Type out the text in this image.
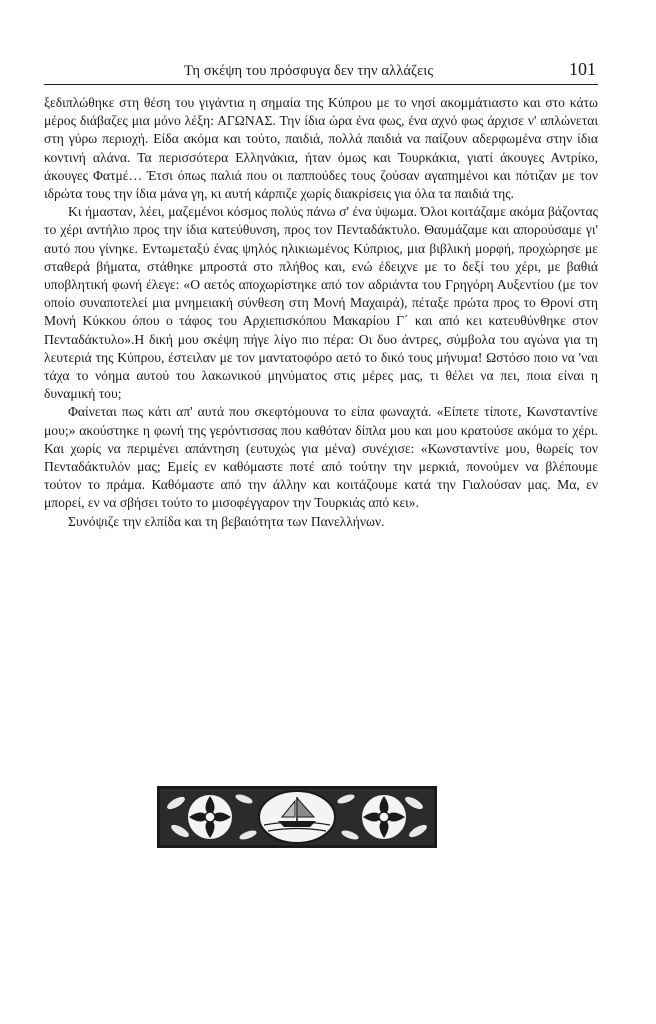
Τη σκέψη του πρόσφυγα δεν την αλλάζεις	101

ξεδιπλώθηκε στη θέση του γιγάντια η σημαία της Κύπρου με το νησί ακομμάτιαστο και στο κάτω μέρος διάβαζες μια μόνο λέξη: ΑΓΩΝΑΣ. Την ίδια ώρα ένα φως, ένα αχνό φως άρχισε ν' απλώνεται στη γύρω περιοχή. Είδα ακόμα και τούτο, παιδιά, πολλά παιδιά να παίζουν αδερφωμένα στην ίδια κοντινή αλάνα. Τα περισσότερα Ελληνάκια, ήταν όμως και Τουρκάκια, γιατί άκουγες Αντρίκο, άκουγες Φατμέ… Έτσι όπως παλιά που οι παππούδες τους ζούσαν αγαπημένοι και πότιζαν με τον ιδρώτα τους την ίδια μάνα γη, κι αυτή κάρπιζε χωρίς διακρίσεις για όλα τα παιδιά της.

Κι ήμασταν, λέει, μαζεμένοι κόσμος πολύς πάνω σ' ένα ύψωμα. Όλοι κοιτάζαμε ακόμα βάζοντας το χέρι αντήλιο προς την ίδια κατεύθυνση, προς τον Πενταδάκτυλο. Θαυμάζαμε και απορούσαμε γι' αυτό που γίνηκε. Εντωμεταξύ ένας ψηλός ηλικιωμένος Κύπριος, μια βιβλική μορφή, προχώρησε με σταθερά βήματα, στάθηκε μπροστά στο πλήθος και, ενώ έδειχνε με το δεξί του χέρι, με βαθιά υποβλητική φωνή έλεγε: «Ο αετός αποχωρίστηκε από τον αδριάντα του Γρηγόρη Αυξεντίου (με τον οποίο συναποτελεί μια μνημειακή σύνθεση στη Μονή Μαχαιρά), πέταξε πρώτα προς το Θρονί στη Μονή Κύκκου όπου ο τάφος του Αρχιεπισκόπου Μακαρίου Γ΄ και από κει κατευθύνθηκε στον Πενταδάκτυλο».Η δική μου σκέψη πήγε λίγο πιο πέρα: Οι δυο άντρες, σύμβολα του αγώνα για τη λευτεριά της Κύπρου, έστειλαν με τον μαντατοφόρο αετό το δικό τους μήνυμα! Ωστόσο ποιο να 'ναι τάχα το νόημα αυτού του λακωνικού μηνύματος στις μέρες μας, τι θέλει να πει, ποια είναι η δυναμική του;

Φαίνεται πως κάτι απ' αυτά που σκεφτόμουνα το είπα φωναχτά. «Είπετε τίποτε, Κωνσταντίνε μου;» ακούστηκε η φωνή της γερόντισσας που καθόταν δίπλα μου και μου κρατούσε ακόμα το χέρι. Και χωρίς να περιμένει απάντηση (ευτυχώς για μένα) συνέχισε: «Κωνσταντίνε μου, θωρείς τον Πενταδάκτυλόν μας; Εμείς εν καθόμαστε ποτέ από τούτην την μερκιά, πονούμεν να βλέπουμε τούτον το πράμα. Καθόμαστε από την άλλην και κοιτάζουμε κατά την Γιαλούσαν μας. Μα, εν μπορεί, εν να σβήσει τούτο το μισοφέγγαρον την Τουρκιάς από κει».

Συνόψιζε την ελπίδα και τη βεβαιότητα των Πανελλήνων.
